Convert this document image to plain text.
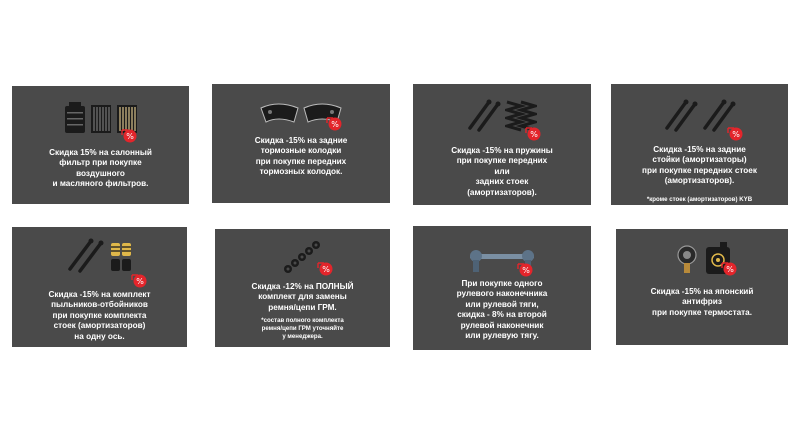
%
Скидка 15% на салонный
фильтр при покупке
воздушного
и масляного фильтров.
%
Скидка -15% на задние
тормозные колодки
при покупке передних
тормозных колодок.
%
Скидка -15% на пружины
при покупке передних
или
задних стоек
(амортизаторов).
%
Скидка -15% на задние
стойки (амортизаторы)
при покупке передних стоек
(амортизаторов).
*кроме стоек (амортизаторов) KYB
%
Скидка -15% на комплект
пыльников-отбойников
при покупке комплекта
стоек (амортизаторов)
на одну ось.
%
Скидка -12% на ПОЛНЫЙ
комплект для замены
ремня/цепи ГРМ.
*состав полного комплекта
ремня/цепи ГРМ уточняйте
у менеджера.
%
При покупке одного
рулевого наконечника
или рулевой тяги,
скидка - 8% на второй
рулевой наконечник
или рулевую тягу.
%
Скидка -15% на японский
антифриз
при покупке термостата.
